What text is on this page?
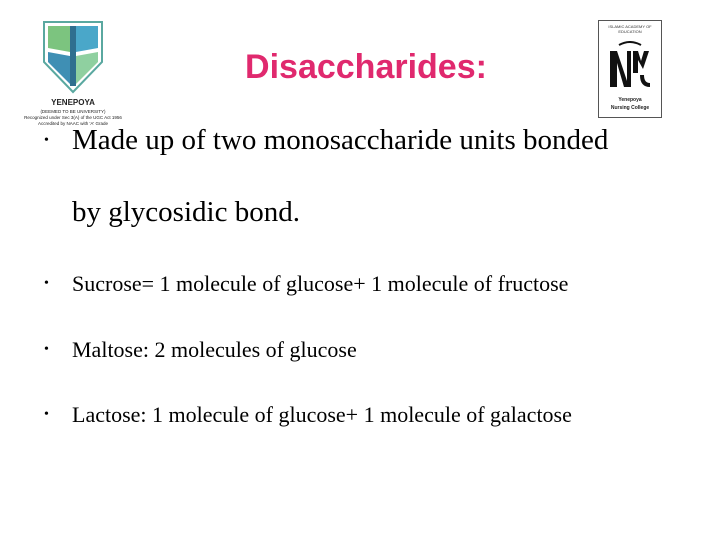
YENEPOYA
(DEEMED TO BE UNIVERSITY)
Recognized under Sec 3(A) of the UGC Act 1956
Accredited by NAAC with 'A' Grade
ISLAMIC ACADEMY OF EDUCATION
Yenepoya
Nursing College
Disaccharides:
• Made up of two monosaccharide units bonded
by glycosidic bond.
• Sucrose= 1 molecule of glucose+ 1 molecule of fructose
• Maltose: 2 molecules of glucose
• Lactose: 1 molecule of glucose+ 1 molecule of galactose
